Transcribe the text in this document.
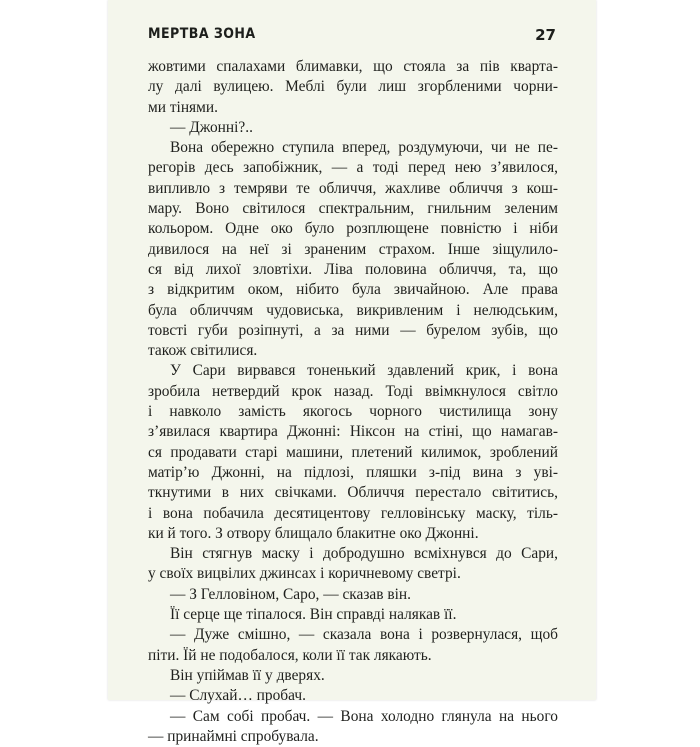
МЕРТВА ЗОНА	27
жовтими спалахами блимавки, що стояла за пів кварта-
лу далі вулицею. Меблі були лиш згорбленими чорни-
ми тінями.
— Джонні?..
Вона обережно ступила вперед, роздумуючи, чи не пе-
регорів десь запобіжник, — а тоді перед нею з’явилося,
випливло з темряви те обличчя, жахливе обличчя з кош-
мару. Воно світилося спектральним, гнильним зеленим
кольором. Одне око було розплющене повністю і ніби
дивилося на неї зі зраненим страхом. Інше зіщулило-
ся від лихої зловтіхи. Ліва половина обличчя, та, що
з відкритим оком, нібито була звичайною. Але права
була обличчям чудовиська, викривленим і нелюдським,
товсті губи розіпнуті, а за ними — бурелом зубів, що
також світилися.
У Сари вирвався тоненький здавлений крик, і вона
зробила нетвердий крок назад. Тоді ввімкнулося світло
і навколо замість якогось чорного чистилища зону
з’явилася квартира Джонні: Ніксон на стіні, що намагав-
ся продавати старі машини, плетений килимок, зроблений
матір’ю Джонні, на підлозі, пляшки з-під вина з уві-
ткнутими в них свічками. Обличчя перестало світитись,
і вона побачила десятицентову гелловінську маску, тіль-
ки й того. З отвору блищало блакитне око Джонні.
Він стягнув маску і добродушно всміхнувся до Сари,
у своїх вицвілих джинсах і коричневому светрі.
— З Гелловіном, Саро, — сказав він.
Її серце ще тіпалося. Він справді налякав її.
— Дуже смішно, — сказала вона і розвернулася, щоб
піти. Їй не подобалося, коли її так лякають.
Він упіймав її у дверях.
— Слухай… пробач.
— Сам собі пробач. — Вона холодно глянула на нього
— принаймні спробувала.
